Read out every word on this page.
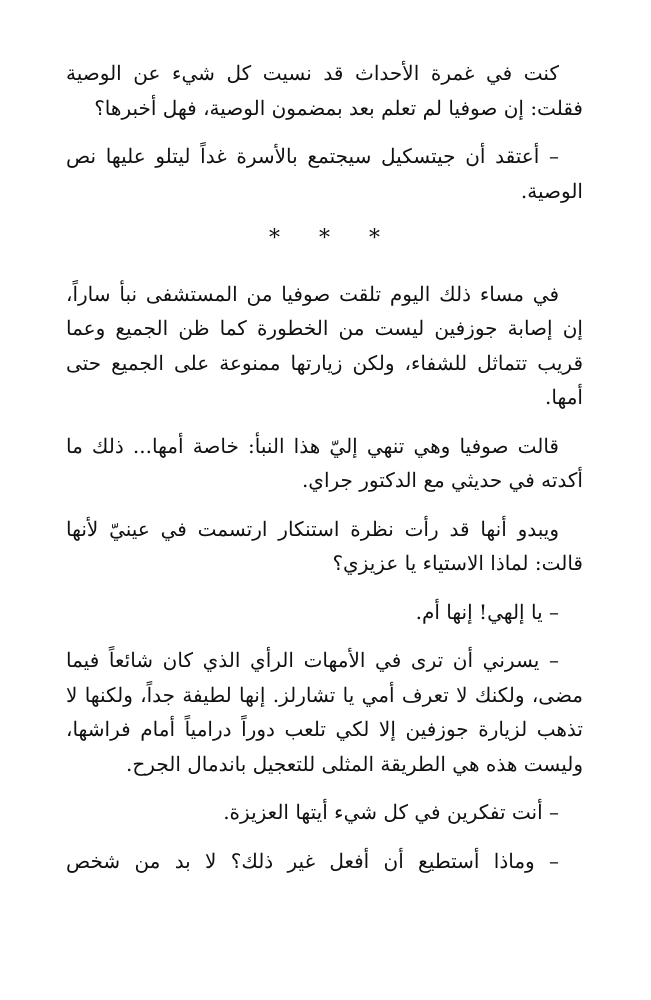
كنت في غمرة الأحداث قد نسيت كل شيء عن الوصية فقلت: إن صوفيا لم تعلم بعد بمضمون الوصية، فهل أخبرها؟

– أعتقد أن جيتسكيل سيجتمع بالأسرة غداً ليتلو عليها نص الوصية.

* * *

في مساء ذلك اليوم تلقت صوفيا من المستشفى نبأ ساراً، إن إصابة جوزفين ليست من الخطورة كما ظن الجميع وعما قريب تتماثل للشفاء، ولكن زيارتها ممنوعة على الجميع حتى أمها.

قالت صوفيا وهي تنهي إليّ هذا النبأ: خاصة أمها... ذلك ما أكدته في حديثي مع الدكتور جراي.

ويبدو أنها قد رأت نظرة استنكار ارتسمت في عينيّ لأنها قالت: لماذا الاستياء يا عزيزي؟

– يا إلهي! إنها أم.

– يسرني أن ترى في الأمهات الرأي الذي كان شائعاً فيما مضى، ولكنك لا تعرف أمي يا تشارلز. إنها لطيفة جداً، ولكنها لا تذهب لزيارة جوزفين إلا لكي تلعب دوراً درامياً أمام فراشها، وليست هذه هي الطريقة المثلى للتعجيل باندمال الجرح.

– أنت تفكرين في كل شيء أيتها العزيزة.

– وماذا أستطيع أن أفعل غير ذلك؟ لا بد من شخص
